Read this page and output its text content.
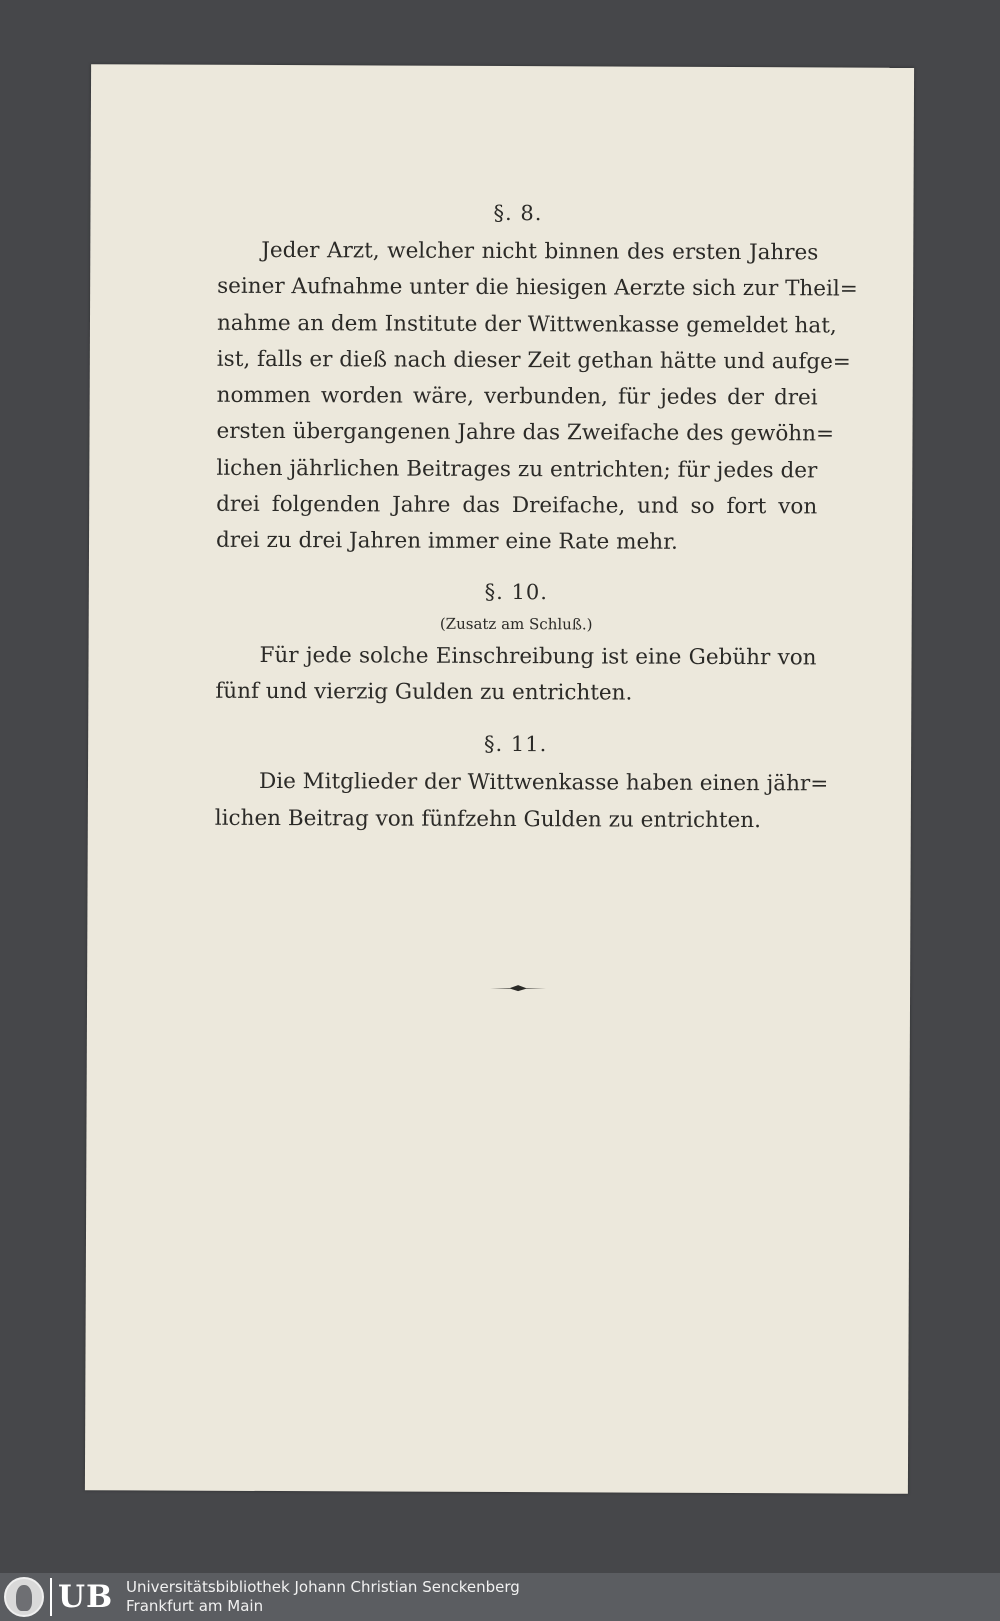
§. 8.
Jeder Arzt, welcher nicht binnen des ersten Jahres
seiner Aufnahme unter die hiesigen Aerzte sich zur Theil=
nahme an dem Institute der Wittwenkasse gemeldet hat,
ist, falls er dieß nach dieser Zeit gethan hätte und aufge=
nommen worden wäre, verbunden, für jedes der drei
ersten übergangenen Jahre das Zweifache des gewöhn=
lichen jährlichen Beitrages zu entrichten; für jedes der
drei folgenden Jahre das Dreifache, und so fort von
drei zu drei Jahren immer eine Rate mehr.
§. 10.
(Zusatz am Schluß.)
Für jede solche Einschreibung ist eine Gebühr von
fünf und vierzig Gulden zu entrichten.
§. 11.
Die Mitglieder der Wittwenkasse haben einen jähr=
lichen Beitrag von fünfzehn Gulden zu entrichten.
UB Universitätsbibliothek Johann Christian Senckenberg
Frankfurt am Main
